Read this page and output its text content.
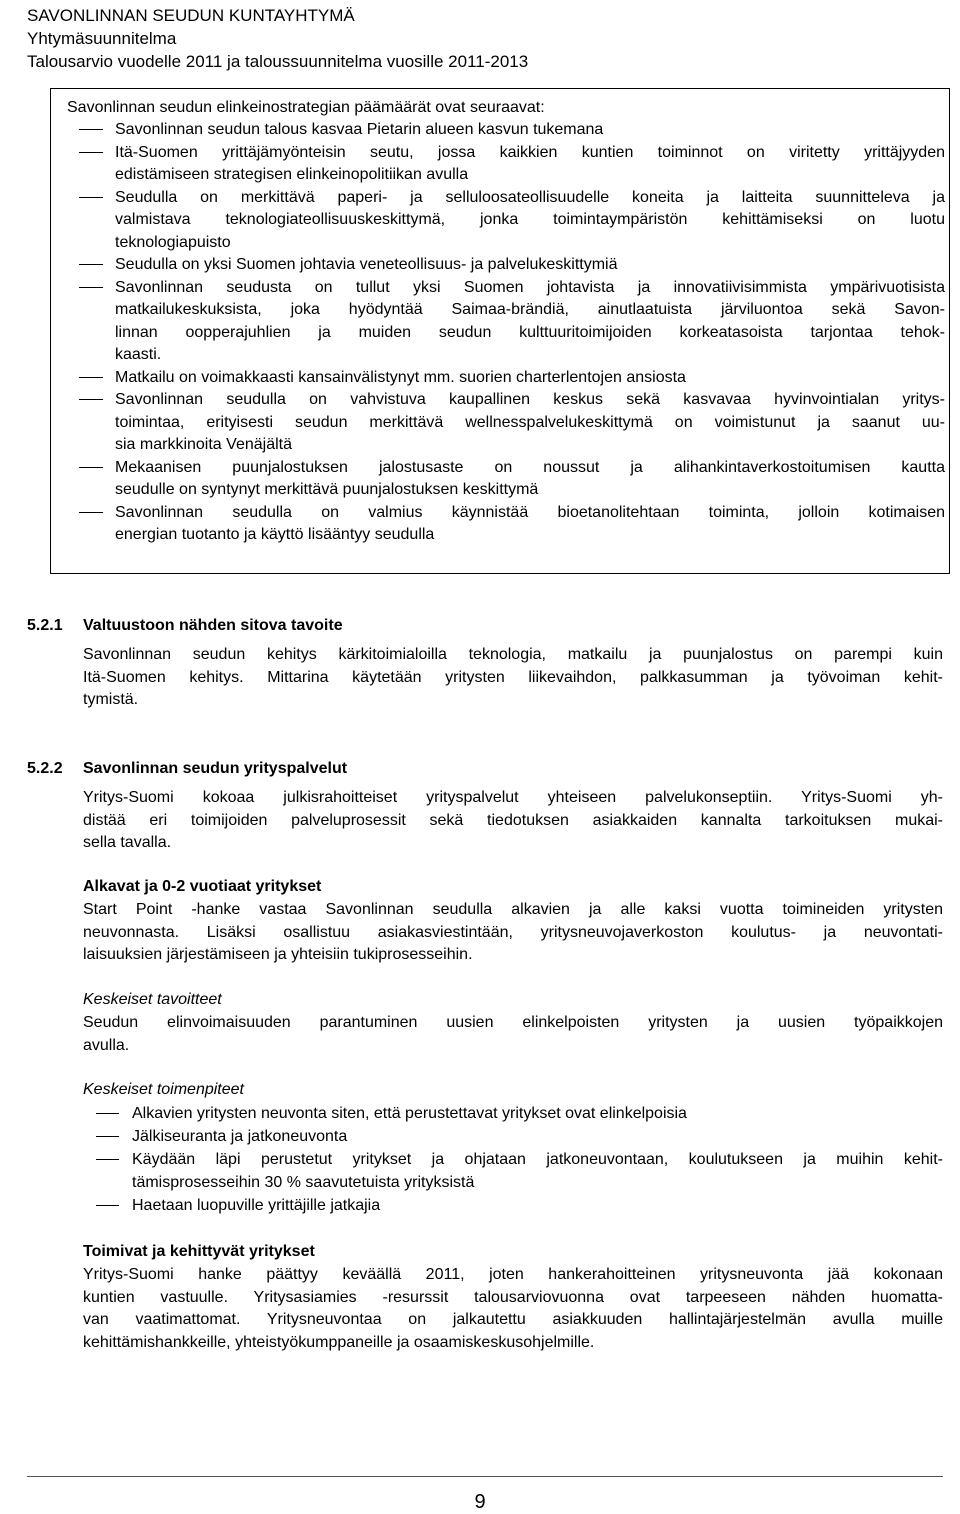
SAVONLINNAN SEUDUN KUNTAYHTYMÄ
Yhtymäsuunnitelma
Talousarvio vuodelle 2011 ja taloussuunnitelma vuosille 2011-2013
Savonlinnan seudun elinkeinostrategian päämäärät ovat seuraavat:
Savonlinnan seudun talous kasvaa Pietarin alueen kasvun tukemana
Itä-Suomen yrittäjämyönteisin seutu, jossa kaikkien kuntien toiminnot on viritetty yrittäjyyden
edistämiseen strategisen elinkeinopolitiikan avulla
Seudulla on merkittävä paperi- ja selluloosateollisuudelle koneita ja laitteita suunnitteleva ja
valmistava teknologiateollisuuskeskittymä, jonka toimintaympäristön kehittämiseksi on luotu
teknologiapuisto
Seudulla on yksi Suomen johtavia veneteollisuus- ja palvelukeskittymiä
Savonlinnan seudusta on tullut yksi Suomen johtavista ja innovatiivisimmista ympärivuotisista
matkailukeskuksista, joka hyödyntää Saimaa-brändiä, ainutlaatuista järviluontoa sekä Savon-
linnan oopperajuhlien ja muiden seudun kulttuuritoimijoiden korkeatasoista tarjontaa tehok-
kaasti.
Matkailu on voimakkaasti kansainvälistynyt mm. suorien charterlentojen ansiosta
Savonlinnan seudulla on vahvistuva kaupallinen keskus sekä kasvavaa hyvinvointialan yritys-
toimintaa, erityisesti seudun merkittävä wellnesspalvelukeskittymä on voimistunut ja saanut uu-
sia markkinoita Venäjältä
Mekaanisen puunjalostuksen jalostusaste on noussut ja alihankintaverkostoitumisen kautta
seudulle on syntynyt merkittävä puunjalostuksen keskittymä
Savonlinnan seudulla on valmius käynnistää bioetanolitehtaan toiminta, jolloin kotimaisen
energian tuotanto ja käyttö lisääntyy seudulla
5.2.1 Valtuustoon nähden sitova tavoite
Savonlinnan seudun kehitys kärkitoimialoilla teknologia, matkailu ja puunjalostus on parempi kuin
Itä-Suomen kehitys. Mittarina käytetään yritysten liikevaihdon, palkkasumman ja työvoiman kehit-
tymistä.
5.2.2 Savonlinnan seudun yrityspalvelut
Yritys-Suomi kokoaa julkisrahoitteiset yrityspalvelut yhteiseen palvelukonseptiin. Yritys-Suomi yh-
distää eri toimijoiden palveluprosessit sekä tiedotuksen asiakkaiden kannalta tarkoituksen mukai-
sella tavalla.
Alkavat ja 0-2 vuotiaat yritykset
Start Point -hanke vastaa Savonlinnan seudulla alkavien ja alle kaksi vuotta toimineiden yritysten
neuvonnasta. Lisäksi osallistuu asiakasviestintään, yritysneuvojaverkoston koulutus- ja neuvontati-
laisuuksien järjestämiseen ja yhteisiin tukiprosesseihin.
Keskeiset tavoitteet
Seudun elinvoimaisuuden parantuminen uusien elinkelpoisten yritysten ja uusien työpaikkojen
avulla.
Keskeiset toimenpiteet
Alkavien yritysten neuvonta siten, että perustettavat yritykset ovat elinkelpoisia
Jälkiseuranta ja jatkoneuvonta
Käydään läpi perustetut yritykset ja ohjataan jatkoneuvontaan, koulutukseen ja muihin kehit-
tämisprosesseihin 30 % saavutetuista yrityksistä
Haetaan luopuville yrittäjille jatkajia
Toimivat ja kehittyvät yritykset
Yritys-Suomi hanke päättyy keväällä 2011, joten hankerahoitteinen yritysneuvonta jää kokonaan
kuntien vastuulle. Yritysasiamies -resurssit talousarviovuonna ovat tarpeeseen nähden huomatta-
van vaatimattomat. Yritysneuvontaa on jalkautettu asiakkuuden hallintajärjestelmän avulla muille
kehittämishankkeille, yhteistyökumppaneille ja osaamiskeskusohjelmille.
9
